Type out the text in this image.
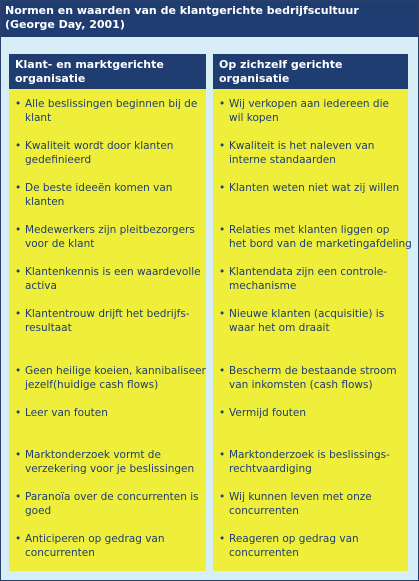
Normen en waarden van de klantgerichte bedrijfscultuur
(George Day, 2001)
Klant- en marktgerichte
organisatie
• Alle beslissingen beginnen bij de
klant
• Kwaliteit wordt door klanten
gedefinieerd
• De beste ideeën komen van
klanten
• Medewerkers zijn pleitbezorgers
voor de klant
• Klantenkennis is een waardevolle
activa
• Klantentrouw drijft het bedrijfs-
resultaat
• Geen heilige koeien, kannibaliseer
jezelf(huidige cash flows)
• Leer van fouten
• Marktonderzoek vormt de
verzekering voor je beslissingen
• Paranoïa over de concurrenten is
goed
• Anticiperen op gedrag van
concurrenten
Op zichzelf gerichte
organisatie
• Wij verkopen aan iedereen die
wil kopen
• Kwaliteit is het naleven van
interne standaarden
• Klanten weten niet wat zij willen
• Relaties met klanten liggen op
het bord van de marketingafdeling
• Klantendata zijn een controle-
mechanisme
• Nieuwe klanten (acquisitie) is
waar het om draait
• Bescherm de bestaande stroom
van inkomsten (cash flows)
• Vermijd fouten
• Marktonderzoek is beslissings-
rechtvaardiging
• Wij kunnen leven met onze
concurrenten
• Reageren op gedrag van
concurrenten
